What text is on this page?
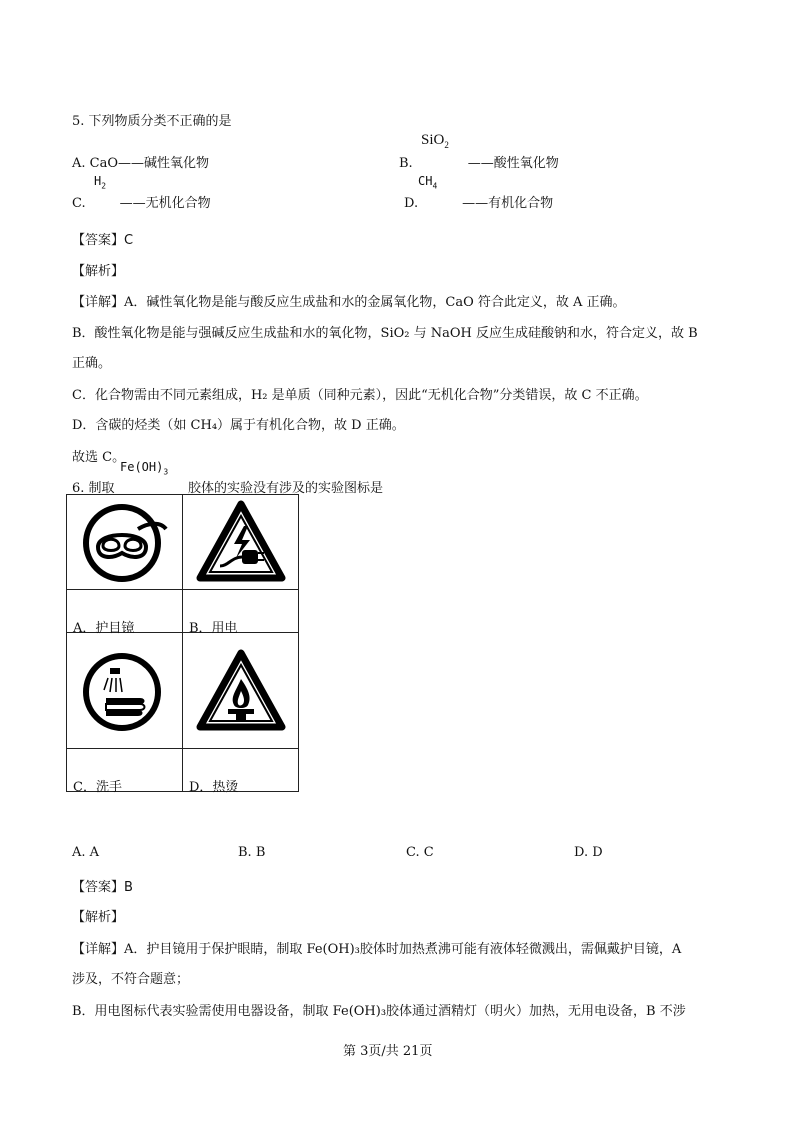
5. 下列物质分类不正确的是
SiO$_2$
A. CaO——碱性氧化物	B.	——酸性氧化物
$H_2$	$CH_4$
C.	——无机化合物	D.	——有机化合物
【答案】C
【解析】
【详解】A．碱性氧化物是能与酸反应生成盐和水的金属氧化物，CaO 符合此定义，故 A 正确。
B．酸性氧化物是能与强碱反应生成盐和水的氧化物，SiO₂ 与 NaOH 反应生成硅酸钠和水，符合定义，故 B
正确。
C．化合物需由不同元素组成，H₂ 是单质（同种元素），因此“无机化合物”分类错误，故 C 不正确。
D．含碳的烃类（如 CH₄）属于有机化合物，故 D 正确。
故选 C。
$Fe(OH)_3$
6. 制取	胶体的实验没有涉及的实验图标是

A．护目镜	B．用电

C．洗手	D．热烫
A. A	B. B	C. C	D. D
【答案】B
【解析】
【详解】A．护目镜用于保护眼睛，制取 Fe(OH)₃胶体时加热煮沸可能有液体轻微溅出，需佩戴护目镜，A
涉及，不符合题意；
B．用电图标代表实验需使用电器设备，制取 Fe(OH)₃胶体通过酒精灯（明火）加热，无用电设备，B 不涉
第 3页/共 21页
